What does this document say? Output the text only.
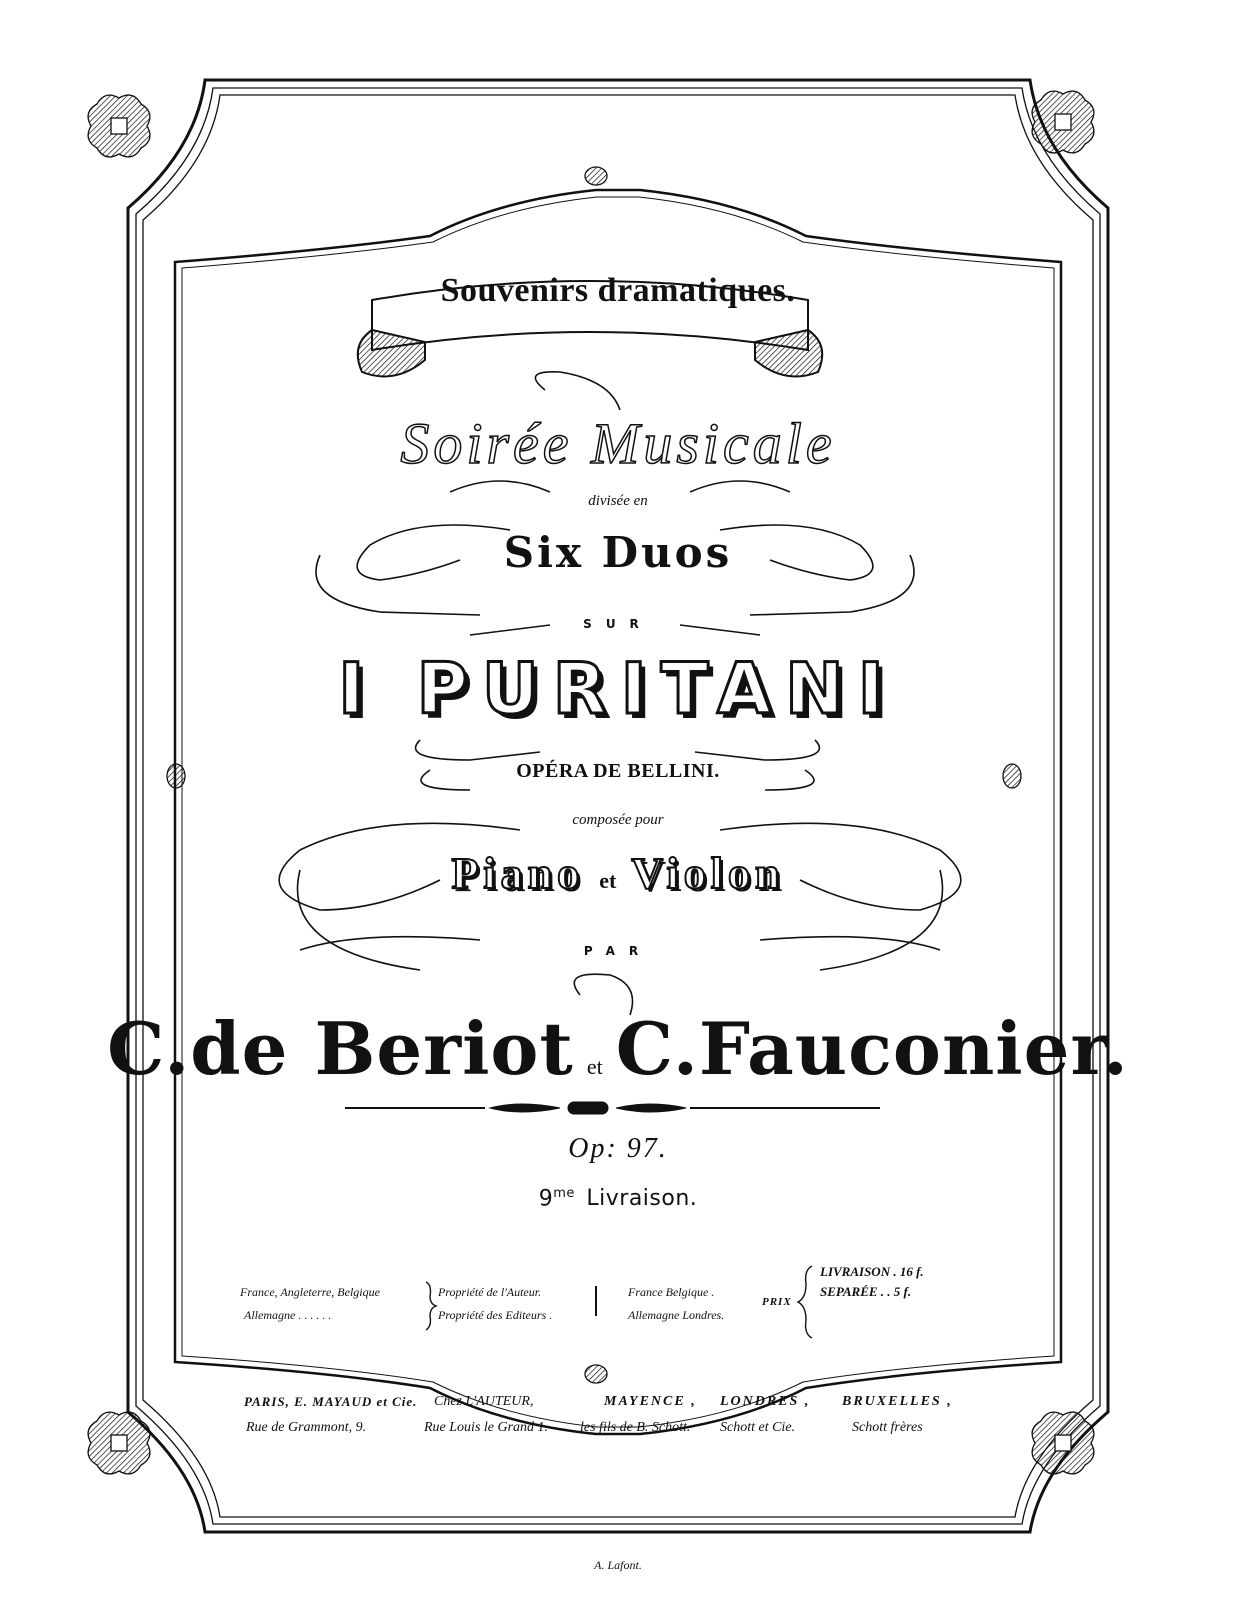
Souvenirs dramatiques.
Soirée Musicale
divisée en
Six Duos
SUR
I PURITANI
OPÉRA DE BELLINI.
composée pour
Piano et Violon
PAR
C.de Beriot et C.Fauconier.
Op: 97.
$9^{me}$ Livraison.
France, Angleterre, Belgique
Allemagne . . . . . .
Propriété de l'Auteur.
Propriété des Editeurs .
France Belgique .
Allemagne Londres.
PRIX
LIVRAISON . 16 f.
SEPARÉE . . 5 f.
PARIS, E. MAYAUD et Cie.
Rue de Grammont, 9.
Chez L'AUTEUR,
Rue Louis le Grand 1.
MAYENCE ,
les fils de B. Schott.
LONDRES ,
Schott et Cie.
BRUXELLES ,
Schott frères
A. Lafont.
